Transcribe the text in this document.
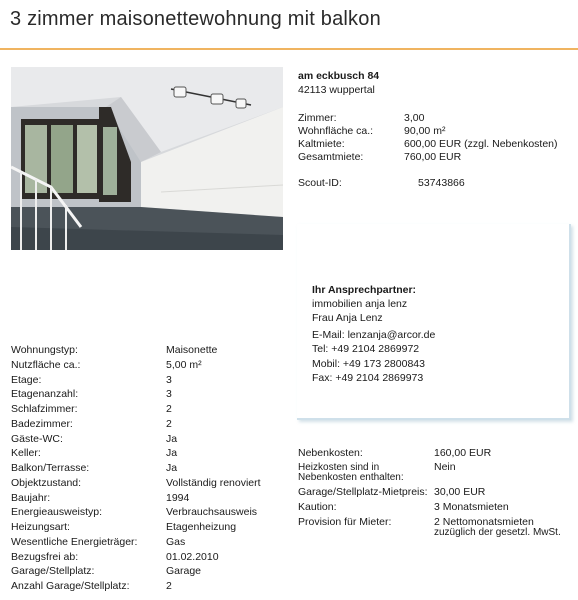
3 zimmer maisonettewohnung mit balkon
am eckbusch 84
42113 wuppertal
Zimmer:	3,00
Wohnfläche ca.:	90,00 m²
Kaltmiete:	600,00 EUR (zzgl. Nebenkosten)
Gesamtmiete:	760,00 EUR
Scout-ID:	53743866
Ihr Ansprechpartner:
immobilien anja lenz
Frau Anja Lenz
E-Mail: lenzanja@arcor.de
Tel: +49 2104 2869972
Mobil: +49 173 2800843
Fax: +49 2104 2869973
Wohnungstyp:	Maisonette
Nutzfläche ca.:	5,00 m²
Etage:	3
Etagenanzahl:	3
Schlafzimmer:	2
Badezimmer:	2
Gäste-WC:	Ja
Keller:	Ja
Balkon/Terrasse:	Ja
Objektzustand:	Vollständig renoviert
Baujahr:	1994
Energieausweistyp:	Verbrauchsausweis
Heizungsart:	Etagenheizung
Wesentliche Energieträger:	Gas
Bezugsfrei ab:	01.02.2010
Garage/Stellplatz:	Garage
Anzahl Garage/Stellplatz:	2
Nebenkosten:	160,00 EUR
Heizkosten sind in
Nebenkosten enthalten:
Nein
Garage/Stellplatz-Mietpreis: 30,00 EUR
Kaution:	3 Monatsmieten
Provision für Mieter:	2 Nettomonatsmieten
zuzüglich der gesetzl. MwSt.
